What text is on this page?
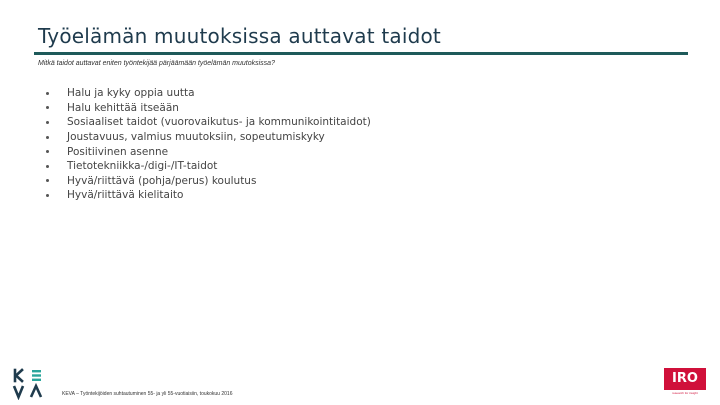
Työelämän muutoksissa auttavat taidot
Mitkä taidot auttavat eniten työntekijää pärjäämään työelämän muutoksissa?
Halu ja kyky oppia uutta
Halu kehittää itseään
Sosiaaliset taidot (vuorovaikutus- ja kommunikointitaidot)
Joustavuus, valmius muutoksiin, sopeutumiskyky
Positiivinen asenne
Tietotekniikka-/digi-/IT-taidot
Hyvä/riittävä (pohja/perus) koulutus
Hyvä/riittävä kielitaito
KEVA – Työntekijöiden suhtautuminen 55- ja yli 55-vuotiaisiin, toukokuu 2016
IRO
research for insight
